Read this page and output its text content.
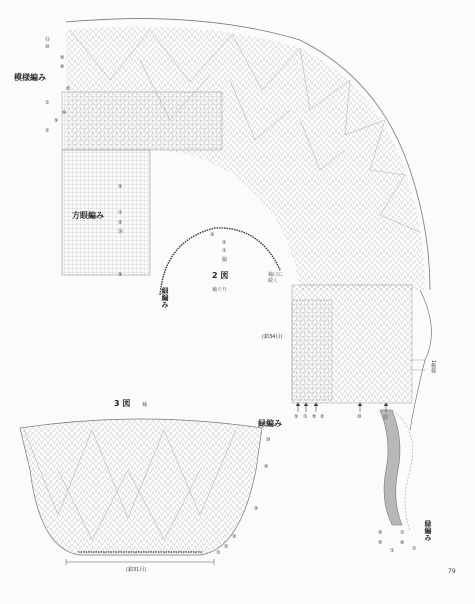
模様編み
方眼編み
⑬
⑩
⑨
⑧
⑤
①
⑩
⑤
①
⑤
①
②
⑳
⑤
③
②
①
脇
2 図
袖ぐり
細編み
袖口に
続く
(鎖34目)
1模様
⑤ ① ⑤ ②	⑩	⑬
3 図 袖
緑編み
⑩
⑤
⑤
③
②
①
(鎖31目)
⑤
⑤
①
④
①
①
緑編み
79
